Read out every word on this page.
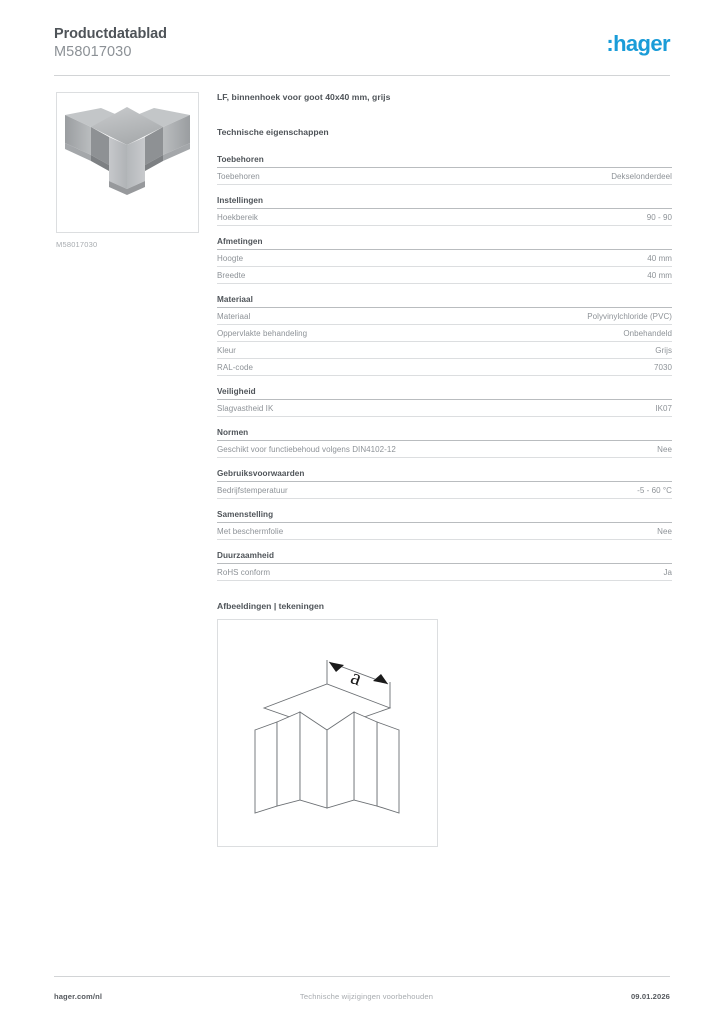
Productdatablad
M58017030	:hager
M58017030
LF, binnenhoek voor goot 40x40 mm, grijs
Technische eigenschappen
Toebehoren
Toebehoren	Dekselonderdeel
Instellingen
Hoekbereik	90 - 90
Afmetingen
Hoogte	40 mm
Breedte	40 mm
Materiaal
Materiaal	Polyvinylchloride (PVC)
Oppervlakte behandeling	Onbehandeld
Kleur	Grijs
RAL-code	7030
Veiligheid
Slagvastheid IK	IK07
Normen
Geschikt voor functiebehoud volgens DIN4102-12	Nee
Gebruiksvoorwaarden
Bedrijfstemperatuur	-5 - 60 °C
Samenstelling
Met beschermfolie	Nee
Duurzaamheid
RoHS conform	Ja
Afbeeldingen | tekeningen
a
hager.com/nl	Technische wijzigingen voorbehouden	09.01.2026
